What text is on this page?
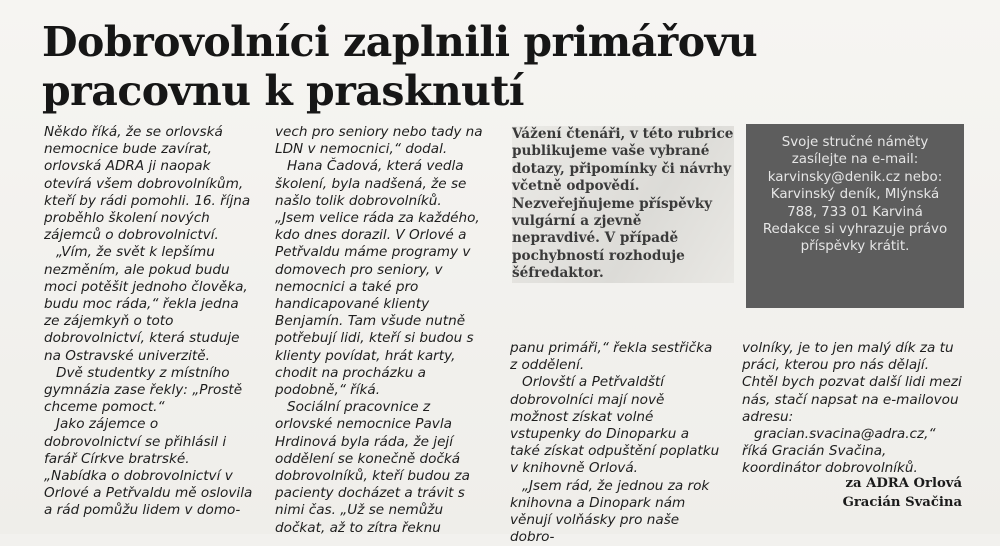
Dobrovolníci zaplnili primářovu
pracovnu k prasknutí

Někdo říká, že se orlovská nemocnice bude zavírat, orlovská ADRA ji naopak otevírá všem dobrovolníkům, kteří by rádi pomohli. 16. října proběhlo školení nových zájemců o dobrovolnictví.

„Vím, že svět k lepšímu nezměním, ale pokud budu moci potěšit jednoho člověka, budu moc ráda,“ řekla jedna ze zájemkyň o toto dobrovolnictví, která studuje na Ostravské univerzitě.

Dvě studentky z místního gymnázia zase řekly: „Prostě chceme pomoct.“

Jako zájemce o dobrovolnictví se přihlásil i farář Církve bratrské. „Nabídka o dobrovolnictví v Orlové a Petřvaldu mě oslovila a rád pomůžu lidem v domo-

vech pro seniory nebo tady na LDN v nemocnici,“ dodal.

Hana Čadová, která vedla školení, byla nadšená, že se našlo tolik dobrovolníků. „Jsem velice ráda za každého, kdo dnes dorazil. V Orlové a Petřvaldu máme programy v domovech pro seniory, v nemocnici a také pro handicapované klienty Benjamín. Tam všude nutně potřebují lidi, kteří si budou s klienty povídat, hrát karty, chodit na procházku a podobně,“ říká.

Sociální pracovnice z orlovské nemocnice Pavla Hrdinová byla ráda, že její oddělení se konečně dočká dobrovolníků, kteří budou za pacienty docházet a trávit s nimi čas. „Už se nemůžu dočkat, až to zítra řeknu

Vážení čtenáři, v této rubrice publikujeme vaše vybrané dotazy, připomínky či návrhy včetně odpovědí. Nezveřejňujeme příspěvky vulgární a zjevně nepravdivé. V případě pochybností rozhoduje šéfredaktor.

Svoje stručné náměty zasílejte na e-mail: karvinsky@denik.cz nebo: Karvinský deník, Mlýnská 788, 733 01 Karviná

Redakce si vyhrazuje právo příspěvky krátit.

panu primáři,“ řekla sestřička z oddělení.

Orlovští a Petřvaldští dobrovolníci mají nově možnost získat volné vstupenky do Dinoparku a také získat odpuštění poplatku v knihovně Orlová.

„Jsem rád, že jednou za rok knihovna a Dinopark nám věnují volňásky pro naše dobro-

volníky, je to jen malý dík za tu práci, kterou pro nás dělají. Chtěl bych pozvat další lidi mezi nás, stačí napsat na e-mailovou adresu:

gracian.svacina@adra.cz,“ říká Gracián Svačina, koordinátor dobrovolníků.

za ADRA Orlová
Gracián Svačina
